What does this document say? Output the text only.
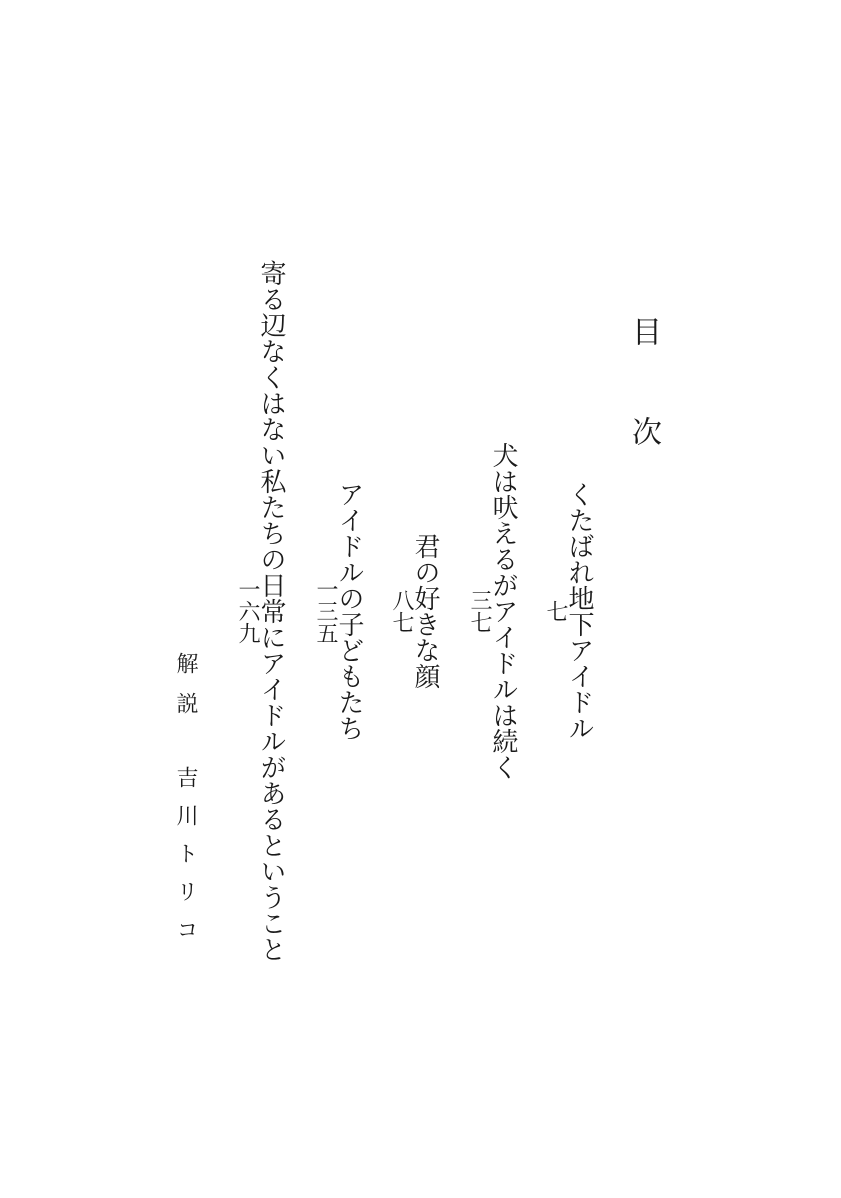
目次
くたばれ地下アイドル
七
犬は吠えるがアイドルは続く
三七
君の好きな顔
八七
アイドルの子どもたち
一三五
寄る辺なくはない私たちの日常にアイドルがあるということ
一六九
解説吉川トリコ
